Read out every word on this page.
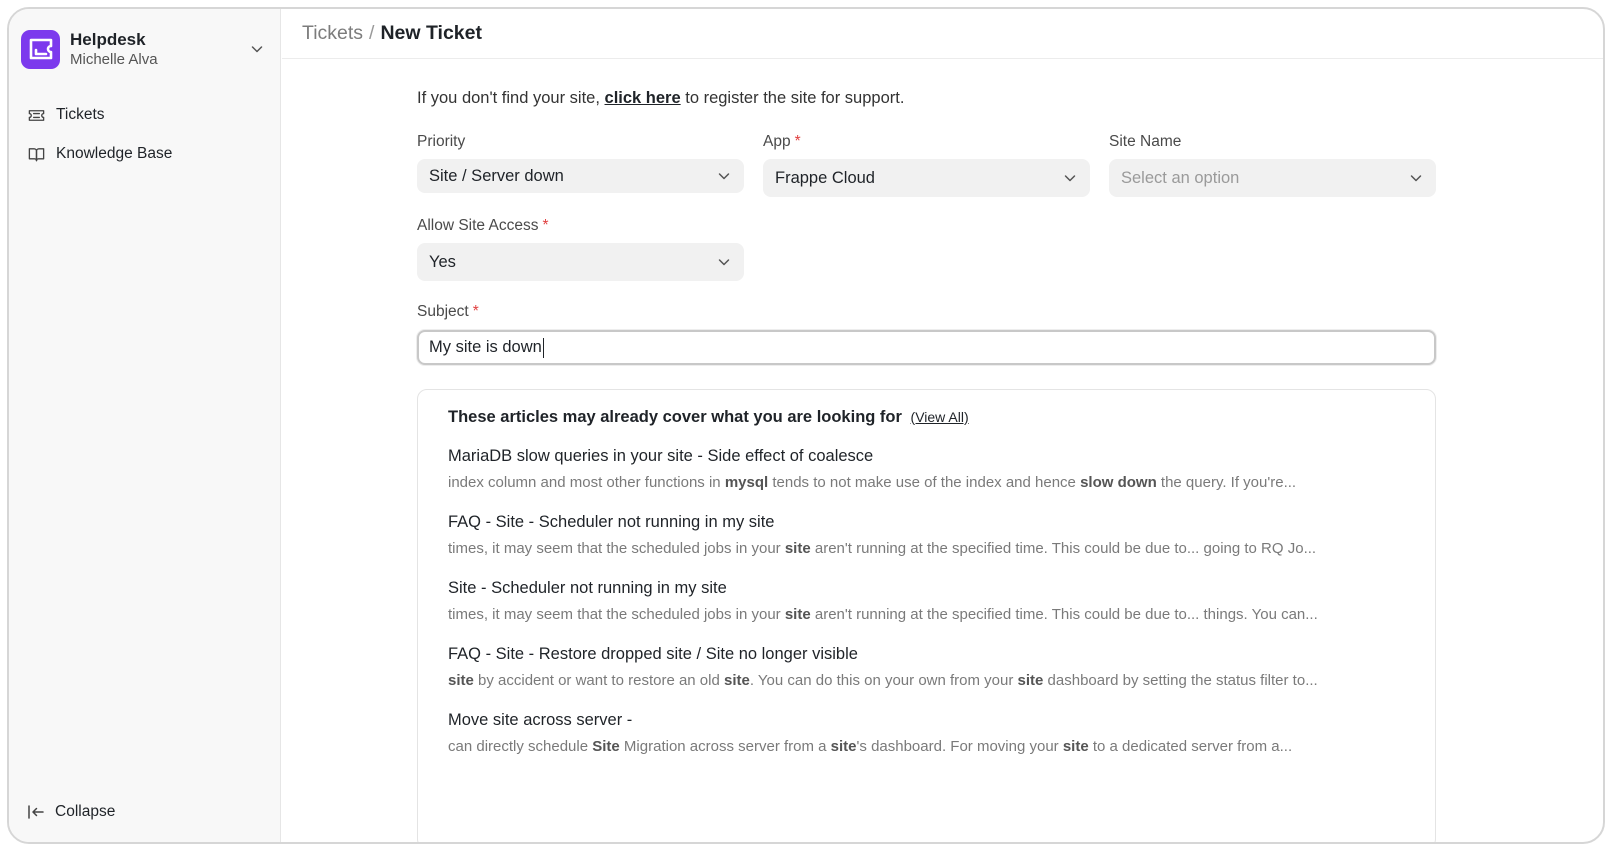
Helpdesk
Michelle Alva
Tickets
Knowledge Base
Collapse
Tickets / New Ticket

If you don't find your site, click here to register the site for support.

Priority
Site / Server down
App *
Frappe Cloud
Site Name
Select an option
Allow Site Access *
Yes
Subject *
My site is down
These articles may already cover what you are looking for (View All)
MariaDB slow queries in your site - Side effect of coalesce
index column and most other functions in mysql tends to not make use of the index and hence slow down the query. If you're...
FAQ - Site - Scheduler not running in my site
times, it may seem that the scheduled jobs in your site aren't running at the specified time. This could be due to... going to RQ Jo...
Site - Scheduler not running in my site
times, it may seem that the scheduled jobs in your site aren't running at the specified time. This could be due to... things. You can...
FAQ - Site - Restore dropped site / Site no longer visible
site by accident or want to restore an old site. You can do this on your own from your site dashboard by setting the status filter to...
Move site across server -
can directly schedule Site Migration across server from a site's dashboard. For moving your site to a dedicated server from a...
